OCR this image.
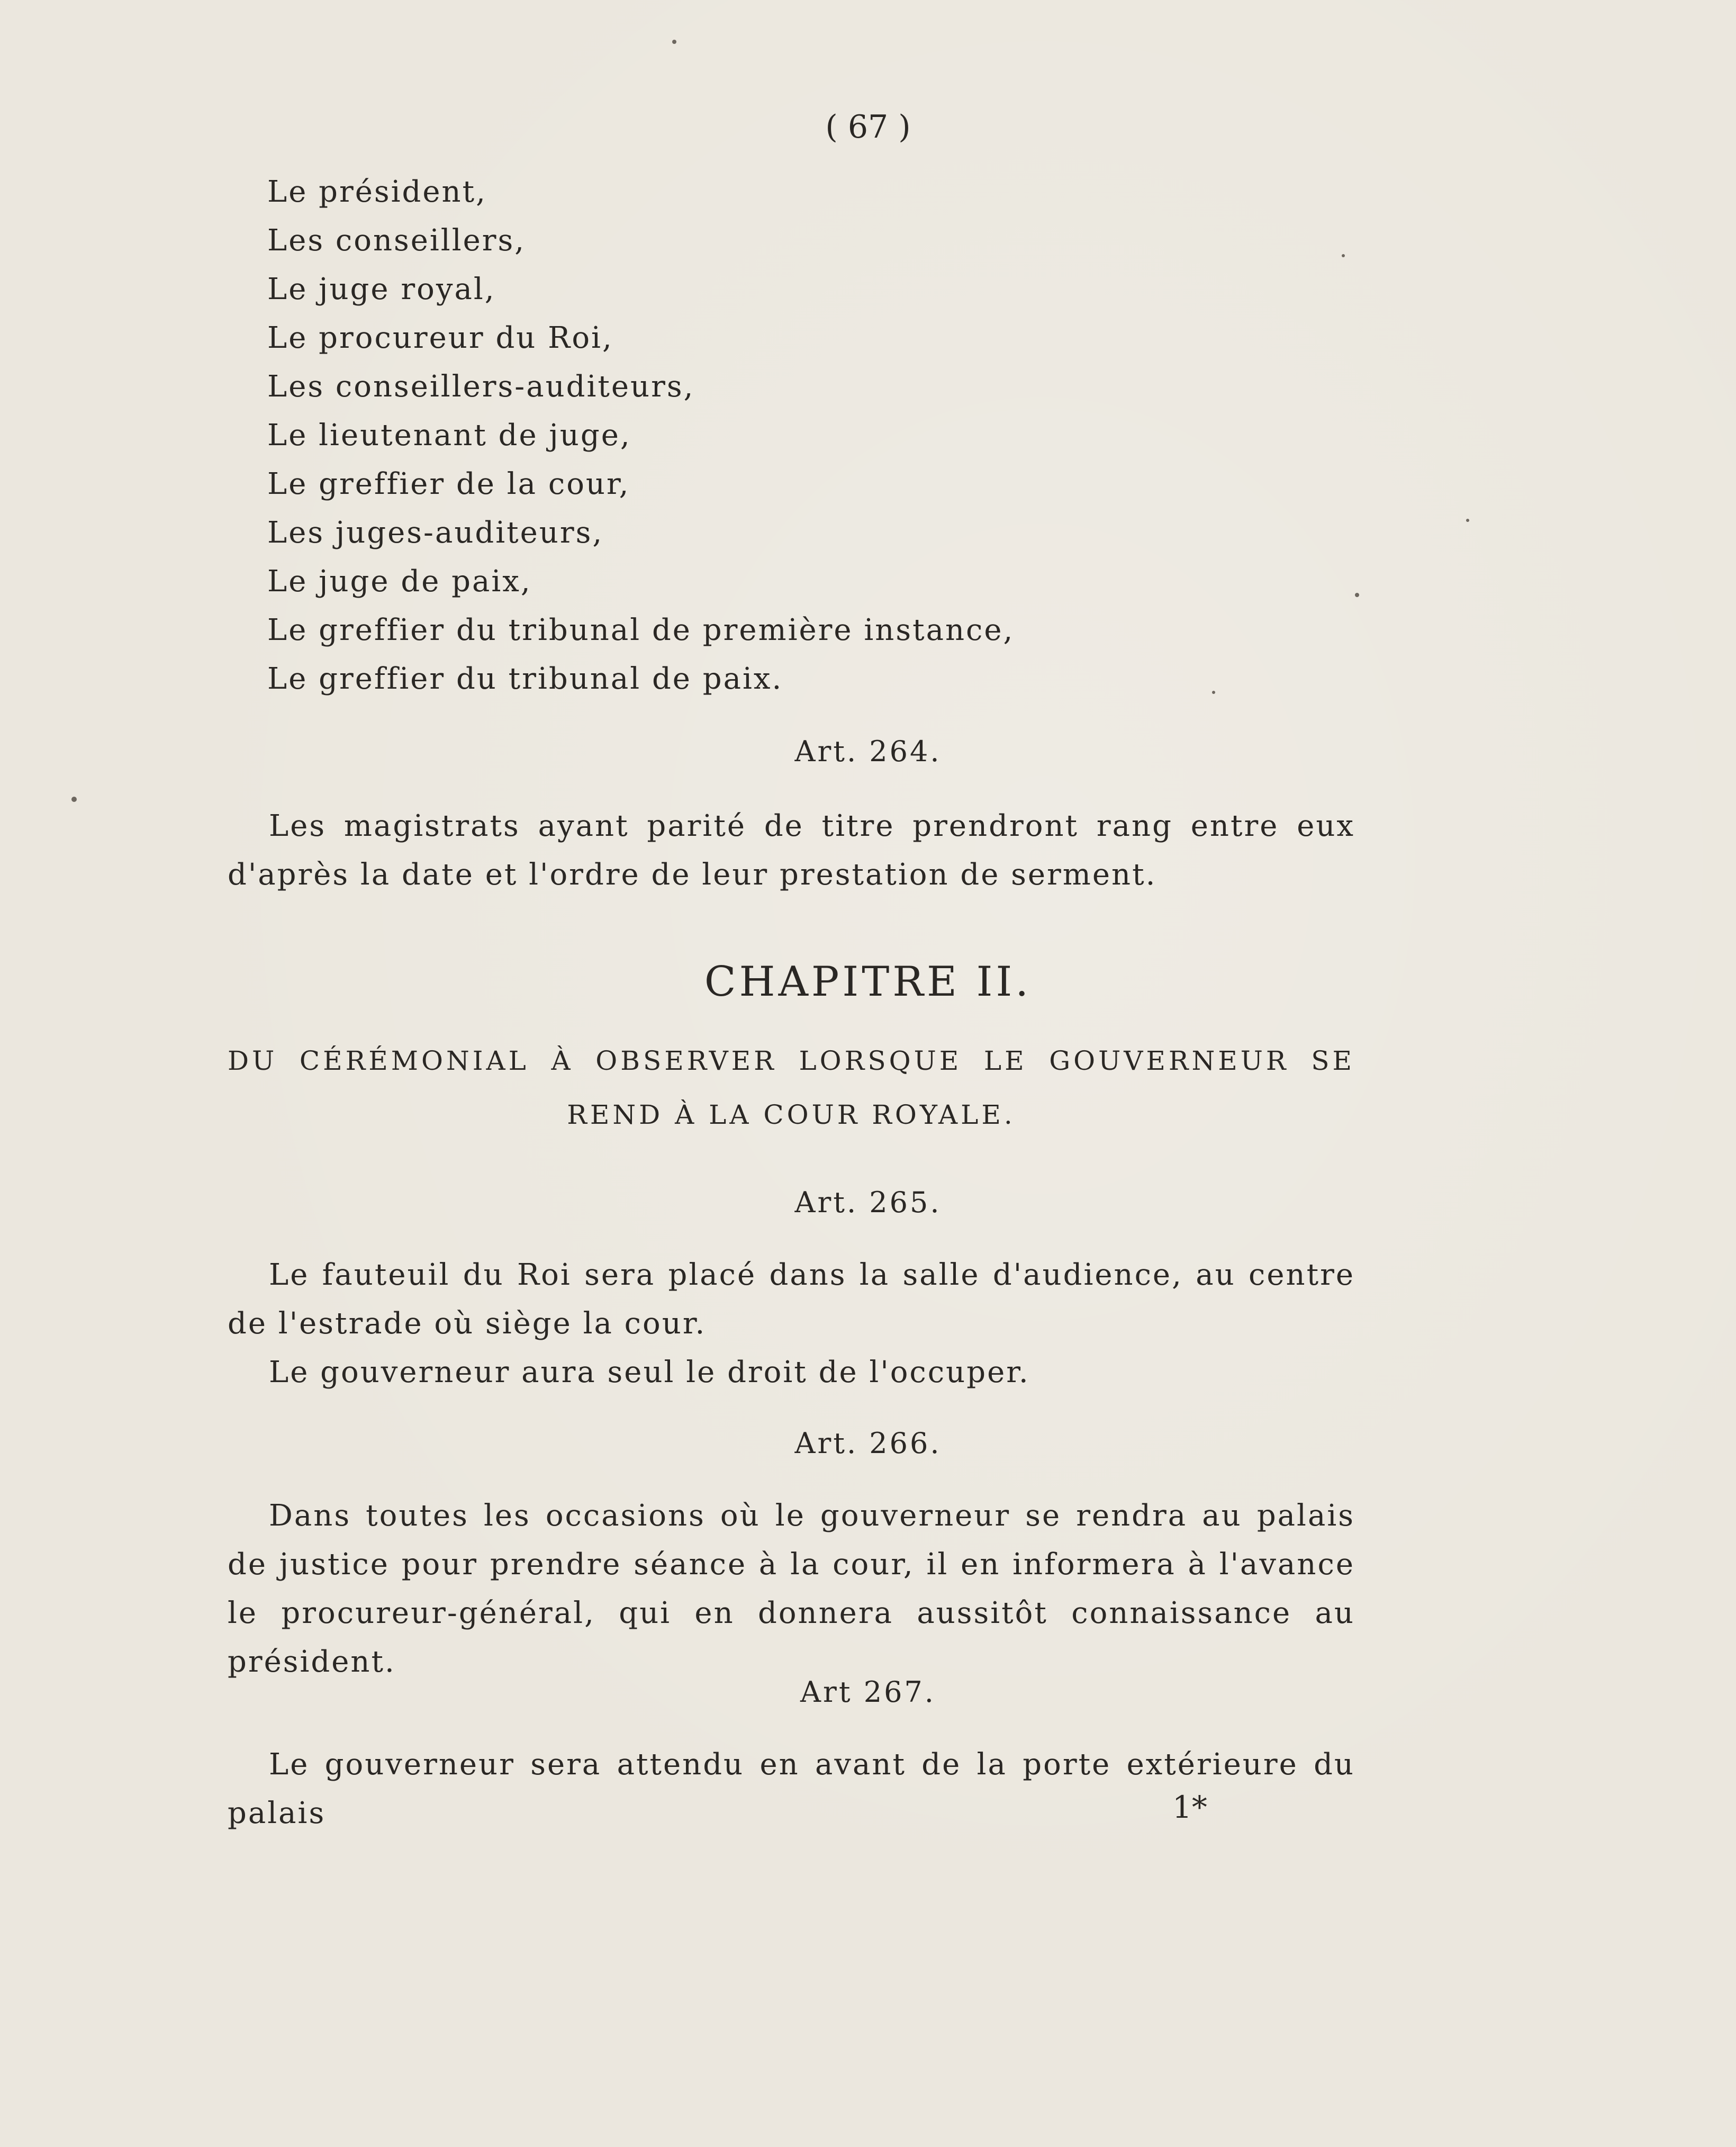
( 67 )
Le président,
Les conseillers,
Le juge royal,
Le procureur du Roi,
Les conseillers-auditeurs,
Le lieutenant de juge,
Le greffier de la cour,
Les juges-auditeurs,
Le juge de paix,
Le greffier du tribunal de première instance,
Le greffier du tribunal de paix.
Art. 264.
Les magistrats ayant parité de titre prendront rang entre eux d'après la date et l'ordre de leur prestation de serment.
CHAPITRE II.
DU CÉRÉMONIAL À OBSERVER LORSQUE LE GOUVERNEUR SE
REND À LA COUR ROYALE.
Art. 265.
Le fauteuil du Roi sera placé dans la salle d'audience, au centre de l'estrade où siège la cour.
Le gouverneur aura seul le droit de l'occuper.
Art. 266.
Dans toutes les occasions où le gouverneur se rendra au palais de justice pour prendre séance à la cour, il en informera à l'avance le procureur-général, qui en donnera aussitôt connaissance au président.
Art 267.
Le gouverneur sera attendu en avant de la porte extérieure du palais	1*
